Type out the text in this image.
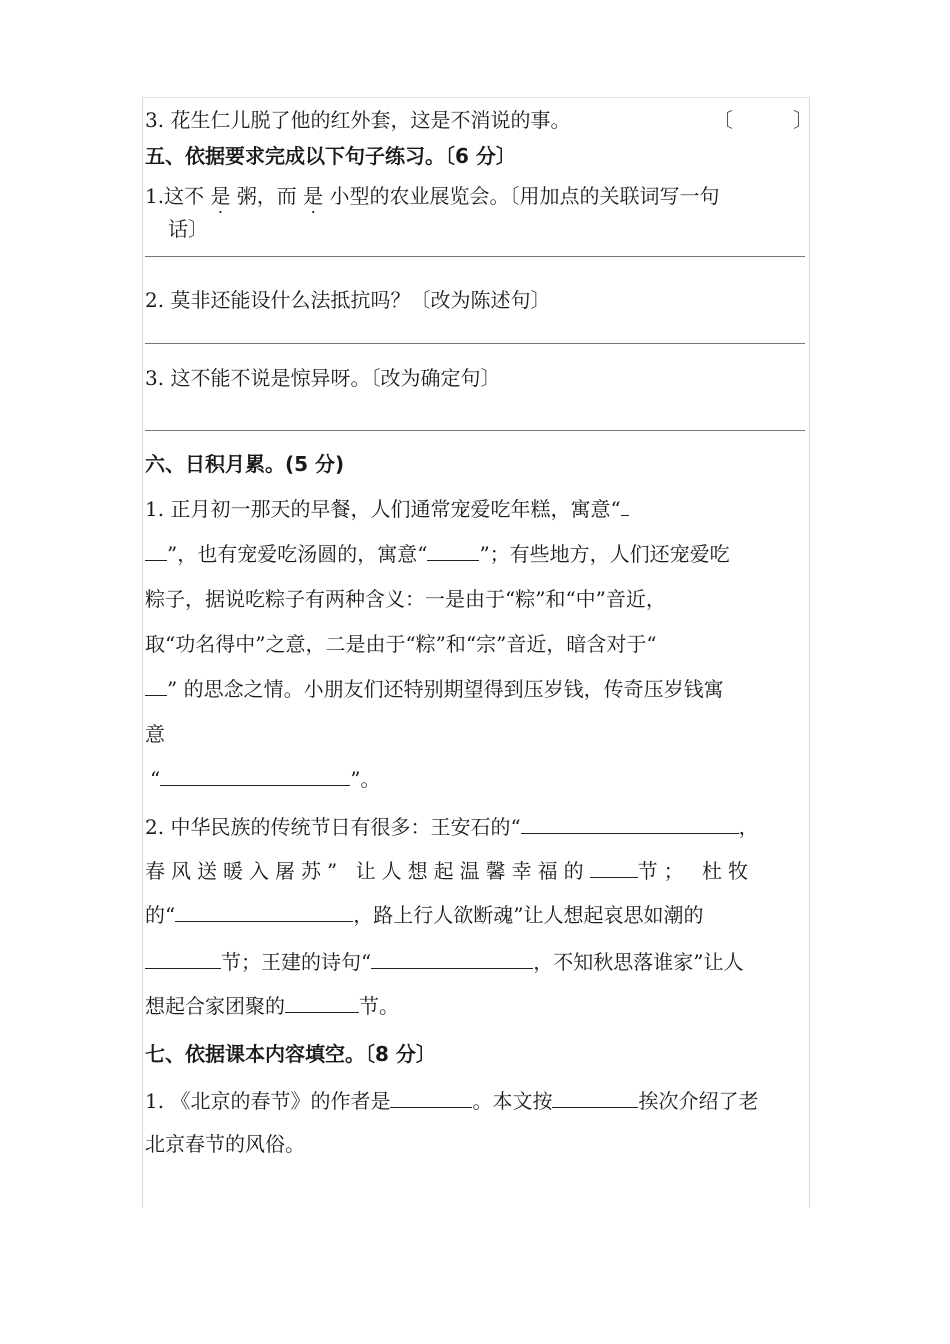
3. 花生仁儿脱了他的红外套，这是不消说的事。	〔	〕
五、依据要求完成以下句子练习。〔6 分〕
1.这不 是 粥，而 是 小型的农业展览会。〔用加点的关联词写一句
话〕
2. 莫非还能设什么法抵抗吗？〔改为陈述句〕
3. 这不能不说是惊异呀。〔改为确定句〕
六、日积月累。(5 分)
1. 正月初一那天的早餐，人们通常宠爱吃年糕，寓意“
”，也有宠爱吃汤圆的，寓意“	”；有些地方，人们还宠爱吃
粽子，据说吃粽子有两种含义：一是由于“粽”和“中”音近，
取“功名得中”之意，二是由于“粽”和“宗”音近，暗含对于“
” 的思念之情。小朋友们还特别期望得到压岁钱，传奇压岁钱寓
意
“	”。
2. 中华民族的传统节日有很多：王安石的“	，
春风送暖入屠苏” 让人想起温馨幸福的 节； 杜牧
的“	，路上行人欲断魂”让人想起哀思如潮的
节；王建的诗句“	，不知秋思落谁家”让人
想起合家团聚的	节。
七、依据课本内容填空。〔8 分〕
1. 《北京的春节》的作者是	。本文按	挨次介绍了老
北京春节的风俗。
